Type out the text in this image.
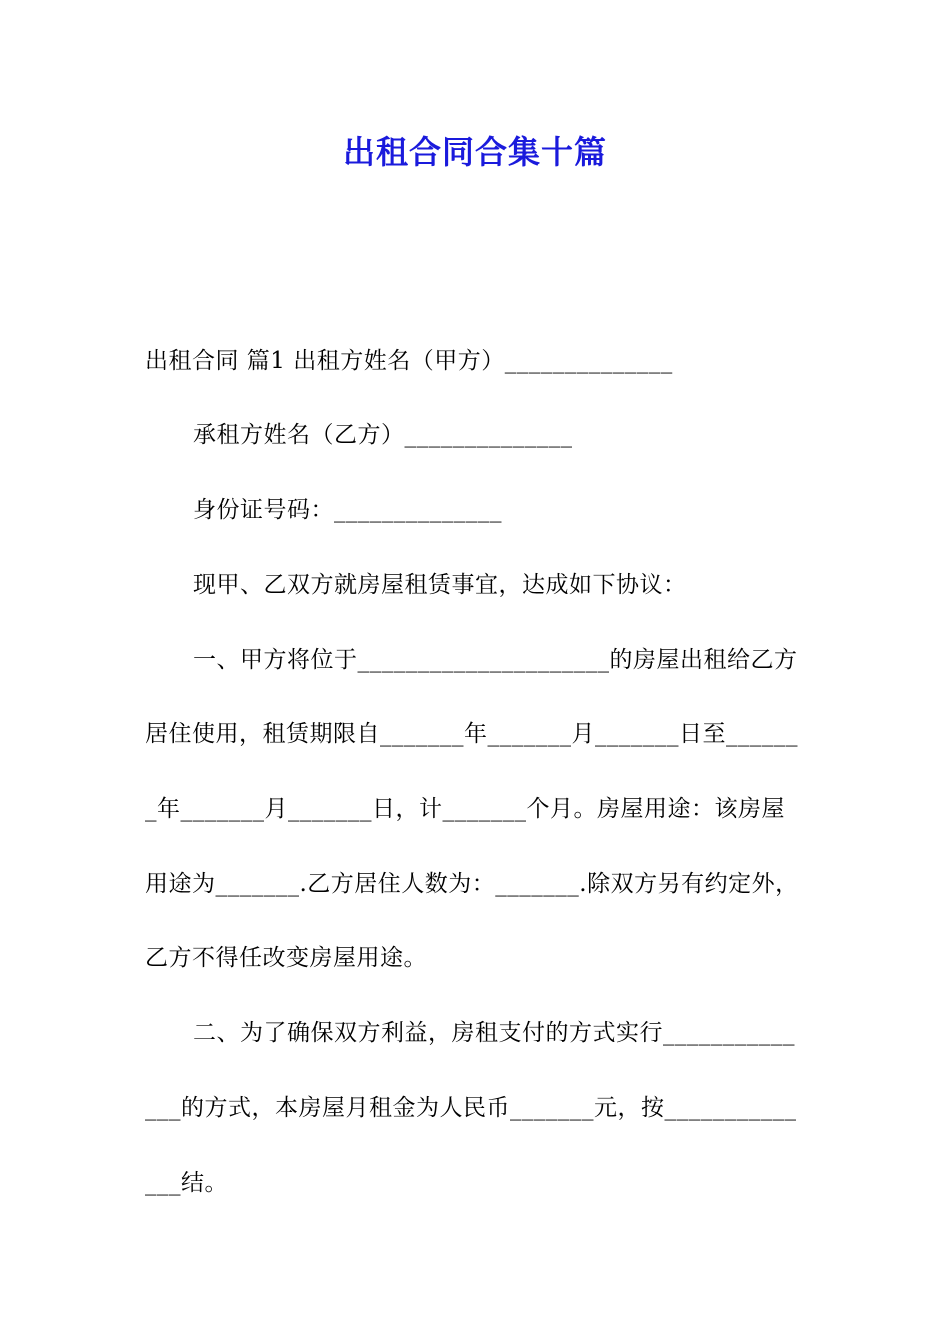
出租合同合集十篇
出租合同 篇1 出租方姓名（甲方）______________
承租方姓名（乙方）______________
身份证号码：______________
现甲、乙双方就房屋租赁事宜，达成如下协议：
一、甲方将位于_____________________的房屋出租给乙方
居住使用，租赁期限自_______年_______月_______日至______
_年_______月_______日，计_______个月。房屋用途：该房屋
用途为_______.乙方居住人数为：_______.除双方另有约定外，
乙方不得任改变房屋用途。
二、为了确保双方利益，房租支付的方式实行___________
___的方式，本房屋月租金为人民币_______元，按___________
___结。
